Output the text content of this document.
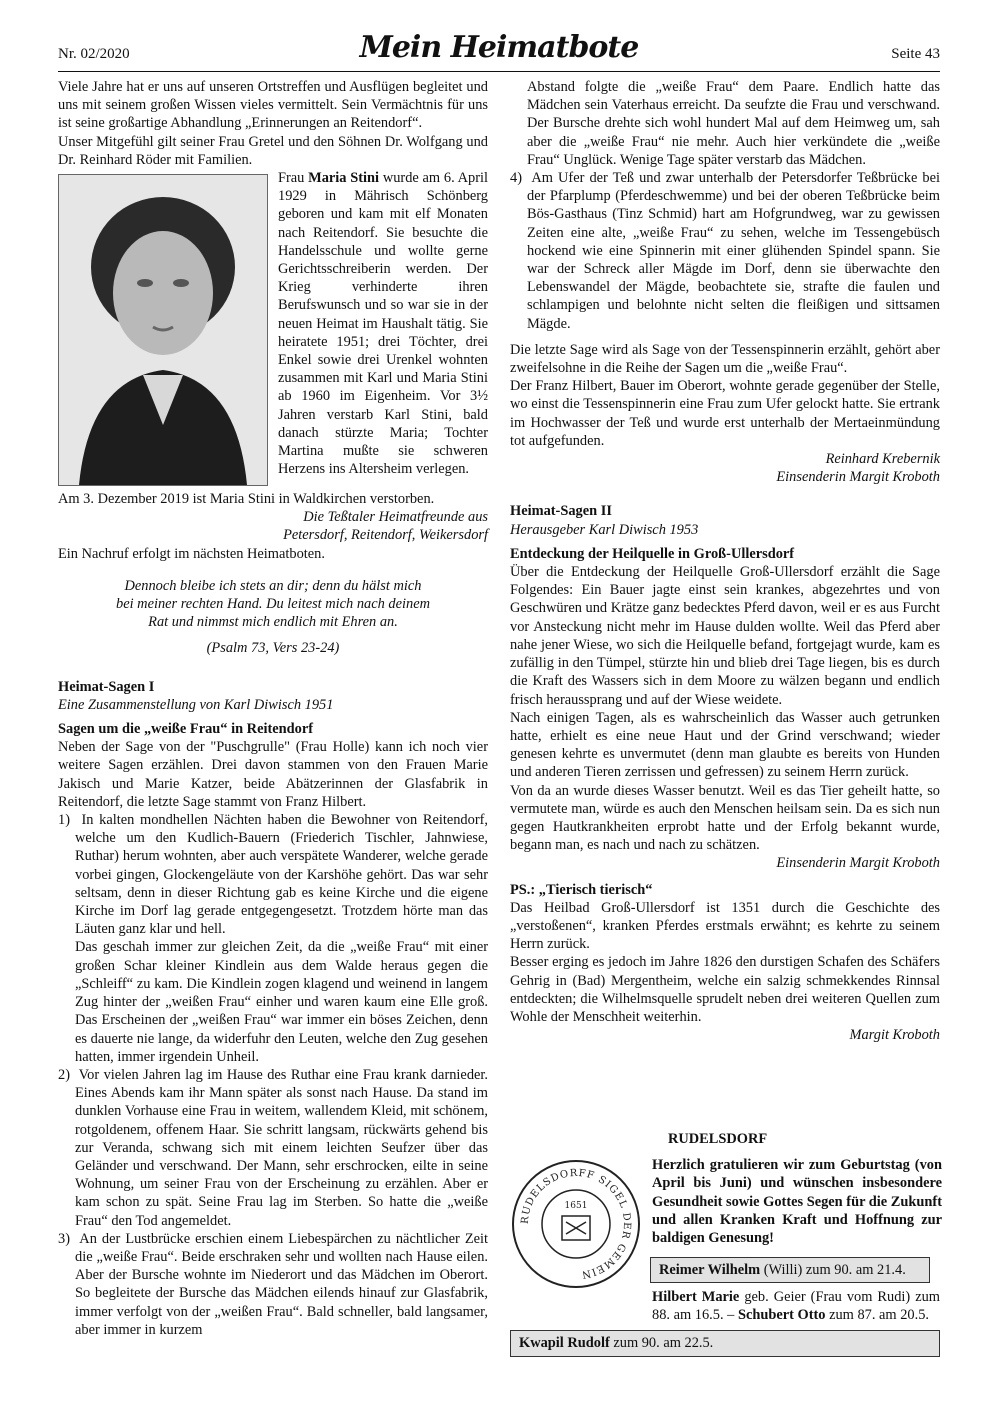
Nr. 02/2020	Mein Heimatbote	Seite 43

Viele Jahre hat er uns auf unseren Ortstreffen und Ausflügen begleitet und uns mit seinem großen Wissen vieles vermittelt. Sein Vermächtnis für uns ist seine großartige Abhandlung „Erinnerungen an Reitendorf“.

Unser Mitgefühl gilt seiner Frau Gretel und den Söhnen Dr. Wolfgang und Dr. Reinhard Röder mit Familien.

Frau Maria Stini wurde am 6. April 1929 in Mährisch Schönberg geboren und kam mit elf Monaten nach Reitendorf. Sie besuchte die Handelsschule und wollte gerne Gerichtsschreiberin werden. Der Krieg verhinderte ihren Berufswunsch und so war sie in der neuen Heimat im Haushalt tätig. Sie heiratete 1951; drei Töchter, drei Enkel sowie drei Urenkel wohnten zusammen mit Karl und Maria Stini ab 1960 im Eigenheim. Vor 3½ Jahren verstarb Karl Stini, bald danach stürzte Maria; Tochter Martina mußte sie schweren Herzens ins Altersheim verlegen.

Am 3. Dezember 2019 ist Maria Stini in Waldkirchen verstorben.

Die Teßtaler Heimatfreunde aus

Petersdorf, Reitendorf, Weikersdorf

Ein Nachruf erfolgt im nächsten Heimatboten.

Dennoch bleibe ich stets an dir; denn du hälst mich

bei meiner rechten Hand. Du leitest mich nach deinem

Rat und nimmst mich endlich mit Ehren an.

(Psalm 73, Vers 23-24)

Heimat-Sagen I

Eine Zusammenstellung von Karl Diwisch 1951

Sagen um die „weiße Frau“ in Reitendorf

Neben der Sage von der "Puschgrulle" (Frau Holle) kann ich noch vier weitere Sagen erzählen. Drei davon stammen von den Frauen Marie Jakisch und Marie Katzer, beide Abätzerinnen der Glasfabrik in Reitendorf, die letzte Sage stammt von Franz Hilbert.

1) In kalten mondhellen Nächten haben die Bewohner von Reitendorf, welche um den Kudlich-Bauern (Friederich Tischler, Jahnwiese, Ruthar) herum wohnten, aber auch verspätete Wanderer, welche gerade vorbei gingen, Glockengeläute von der Karshöhe gehört. Das war sehr seltsam, denn in dieser Richtung gab es keine Kirche und die eigene Kirche im Dorf lag gerade entgegengesetzt. Trotzdem hörte man das Läuten ganz klar und hell.

Das geschah immer zur gleichen Zeit, da die „weiße Frau“ mit einer großen Schar kleiner Kindlein aus dem Walde heraus gegen die „Schleiff“ zu kam. Die Kindlein zogen klagend und weinend in langem Zug hinter der „weißen Frau“ einher und waren kaum eine Elle groß. Das Erscheinen der „weißen Frau“ war immer ein böses Zeichen, denn es dauerte nie lange, da widerfuhr den Leuten, welche den Zug gesehen hatten, immer irgendein Unheil.

2) Vor vielen Jahren lag im Hause des Ruthar eine Frau krank darnieder. Eines Abends kam ihr Mann später als sonst nach Hause. Da stand im dunklen Vorhause eine Frau in weitem, wallendem Kleid, mit schönem, rotgoldenem, offenem Haar. Sie schritt langsam, rückwärts gehend bis zur Veranda, schwang sich mit einem leichten Seufzer über das Geländer und verschwand. Der Mann, sehr erschrocken, eilte in seine Wohnung, um seiner Frau von der Erscheinung zu erzählen. Aber er kam schon zu spät. Seine Frau lag im Sterben. So hatte die „weiße Frau“ den Tod angemeldet.
3) An der Lustbrücke erschien einem Liebespärchen zu nächtlicher Zeit die „weiße Frau“. Beide erschraken sehr und wollten nach Hause eilen. Aber der Bursche wohnte im Niederort und das Mädchen im Oberort. So begleitete der Bursche das Mädchen eilends hinauf zur Glasfabrik, immer verfolgt von der „weißen Frau“. Bald schneller, bald langsamer, aber immer in kurzem

Abstand folgte die „weiße Frau“ dem Paare. Endlich hatte das Mädchen sein Vaterhaus erreicht. Da seufzte die Frau und verschwand. Der Bursche drehte sich wohl hundert Mal auf dem Heimweg um, sah aber die „weiße Frau“ nie mehr. Auch hier verkündete die „weiße Frau“ Unglück. Wenige Tage später verstarb das Mädchen.

4) Am Ufer der Teß und zwar unterhalb der Petersdorfer Teßbrücke bei der Pfarplump (Pferdeschwemme) und bei der oberen Teßbrücke beim Bös-Gasthaus (Tinz Schmid) hart am Hofgrundweg, war zu gewissen Zeiten eine alte, „weiße Frau“ zu sehen, welche im Tessengebüsch hockend wie eine Spinnerin mit einer glühenden Spindel spann. Sie war der Schreck aller Mägde im Dorf, denn sie überwachte den Lebenswandel der Mägde, beobachtete sie, strafte die faulen und schlampigen und belohnte nicht selten die fleißigen und sittsamen Mägde.

Die letzte Sage wird als Sage von der Tessenspinnerin erzählt, gehört aber zweifelsohne in die Reihe der Sagen um die „weiße Frau“.

Der Franz Hilbert, Bauer im Oberort, wohnte gerade gegenüber der Stelle, wo einst die Tessenspinnerin eine Frau zum Ufer gelockt hatte. Sie ertrank im Hochwasser der Teß und wurde erst unterhalb der Mertaeinmündung tot aufgefunden.

Reinhard Krebernik

Einsenderin Margit Kroboth

Heimat-Sagen II

Herausgeber Karl Diwisch 1953

Entdeckung der Heilquelle in Groß-Ullersdorf

Über die Entdeckung der Heilquelle Groß-Ullersdorf erzählt die Sage Folgendes: Ein Bauer jagte einst sein krankes, abgezehrtes und von Geschwüren und Krätze ganz bedecktes Pferd davon, weil er es aus Furcht vor Ansteckung nicht mehr im Hause dulden wollte. Weil das Pferd aber nahe jener Wiese, wo sich die Heilquelle befand, fortgejagt wurde, kam es zufällig in den Tümpel, stürzte hin und blieb drei Tage liegen, bis es durch die Kraft des Wassers sich in dem Moore zu wälzen begann und endlich frisch heraussprang und auf der Wiese weidete.

Nach einigen Tagen, als es wahrscheinlich das Wasser auch getrunken hatte, erhielt es eine neue Haut und der Grind verschwand; wieder genesen kehrte es unvermutet (denn man glaubte es bereits von Hunden und anderen Tieren zerrissen und gefressen) zu seinem Herrn zurück.

Von da an wurde dieses Wasser benutzt. Weil es das Tier geheilt hatte, so vermutete man, würde es auch den Menschen heilsam sein. Da es sich nun gegen Hautkrankheiten erprobt hatte und der Erfolg bekannt wurde, begann man, es nach und nach zu schätzen.

Einsenderin Margit Kroboth

PS.: „Tierisch tierisch“

Das Heilbad Groß-Ullersdorf ist 1351 durch die Geschichte des „verstoßenen“, kranken Pferdes erstmals erwähnt; es kehrte zu seinem Herrn zurück.

Besser erging es jedoch im Jahre 1826 den durstigen Schafen des Schäfers Gehrig in (Bad) Mergentheim, welche ein salzig schmekkendes Rinnsal entdeckten; die Wilhelmsquelle sprudelt neben drei weiteren Quellen zum Wohle der Menschheit weiterhin.

Margit Kroboth

RUDELSDORFF SIGEL DER GEMEIN
1651

RUDELSDORF

Herzlich gratulieren wir zum Geburtstag (von April bis Juni) und wünschen insbesondere Gesundheit sowie Gottes Segen für die Zukunft und allen Kranken Kraft und Hoffnung zur baldigen Genesung!

Reimer Wilhelm (Willi) zum 90. am 21.4.

Hilbert Marie geb. Geier (Frau vom Rudi) zum 88. am 16.5. – Schubert Otto zum 87. am 20.5.

Kwapil Rudolf zum 90. am 22.5.
